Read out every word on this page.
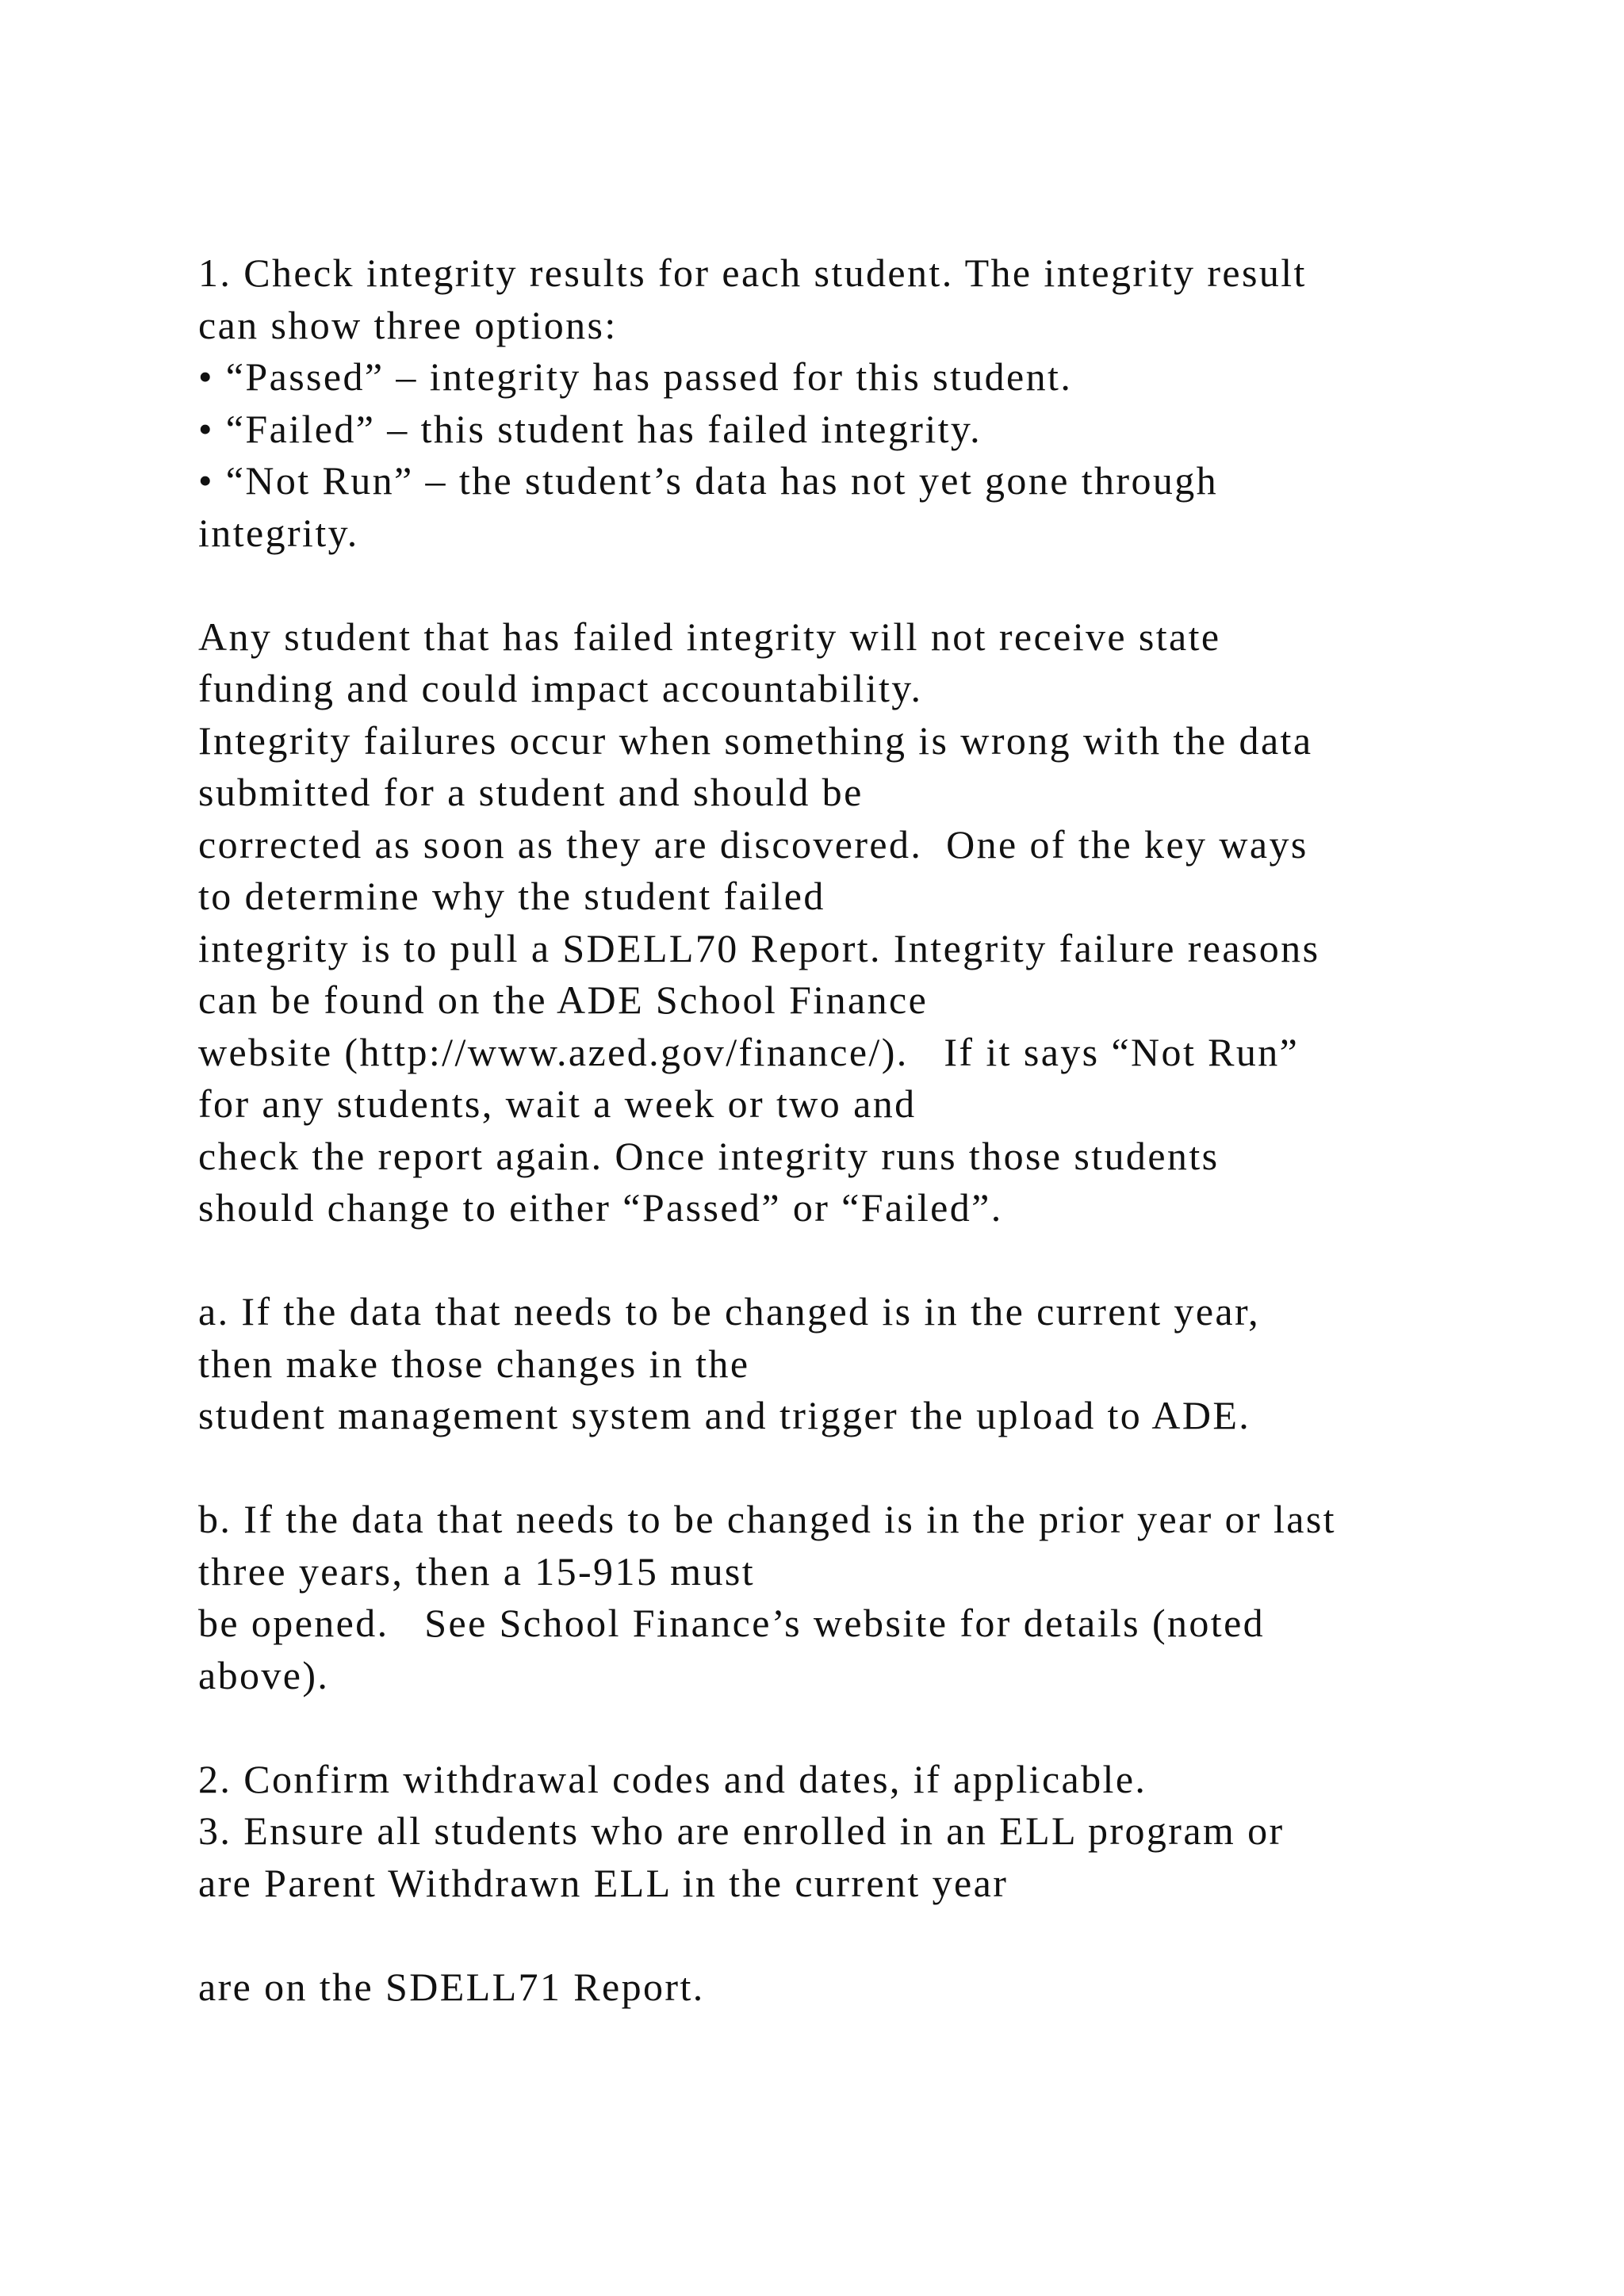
1. Check integrity results for each student. The integrity result
can show three options:
• “Passed” – integrity has passed for this student.
• “Failed” – this student has failed integrity.
• “Not Run” – the student’s data has not yet gone through
integrity.
Any student that has failed integrity will not receive state
funding and could impact accountability.
Integrity failures occur when something is wrong with the data
submitted for a student and should be
corrected as soon as they are discovered.  One of the key ways
to determine why the student failed
integrity is to pull a SDELL70 Report. Integrity failure reasons
can be found on the ADE School Finance
website (http://www.azed.gov/finance/).   If it says “Not Run”
for any students, wait a week or two and
check the report again. Once integrity runs those students
should change to either “Passed” or “Failed”.
a. If the data that needs to be changed is in the current year,
then make those changes in the
student management system and trigger the upload to ADE.
b. If the data that needs to be changed is in the prior year or last
three years, then a 15-915 must
be opened.   See School Finance’s website for details (noted
above).
2. Confirm withdrawal codes and dates, if applicable.
3. Ensure all students who are enrolled in an ELL program or
are Parent Withdrawn ELL in the current year
are on the SDELL71 Report.
